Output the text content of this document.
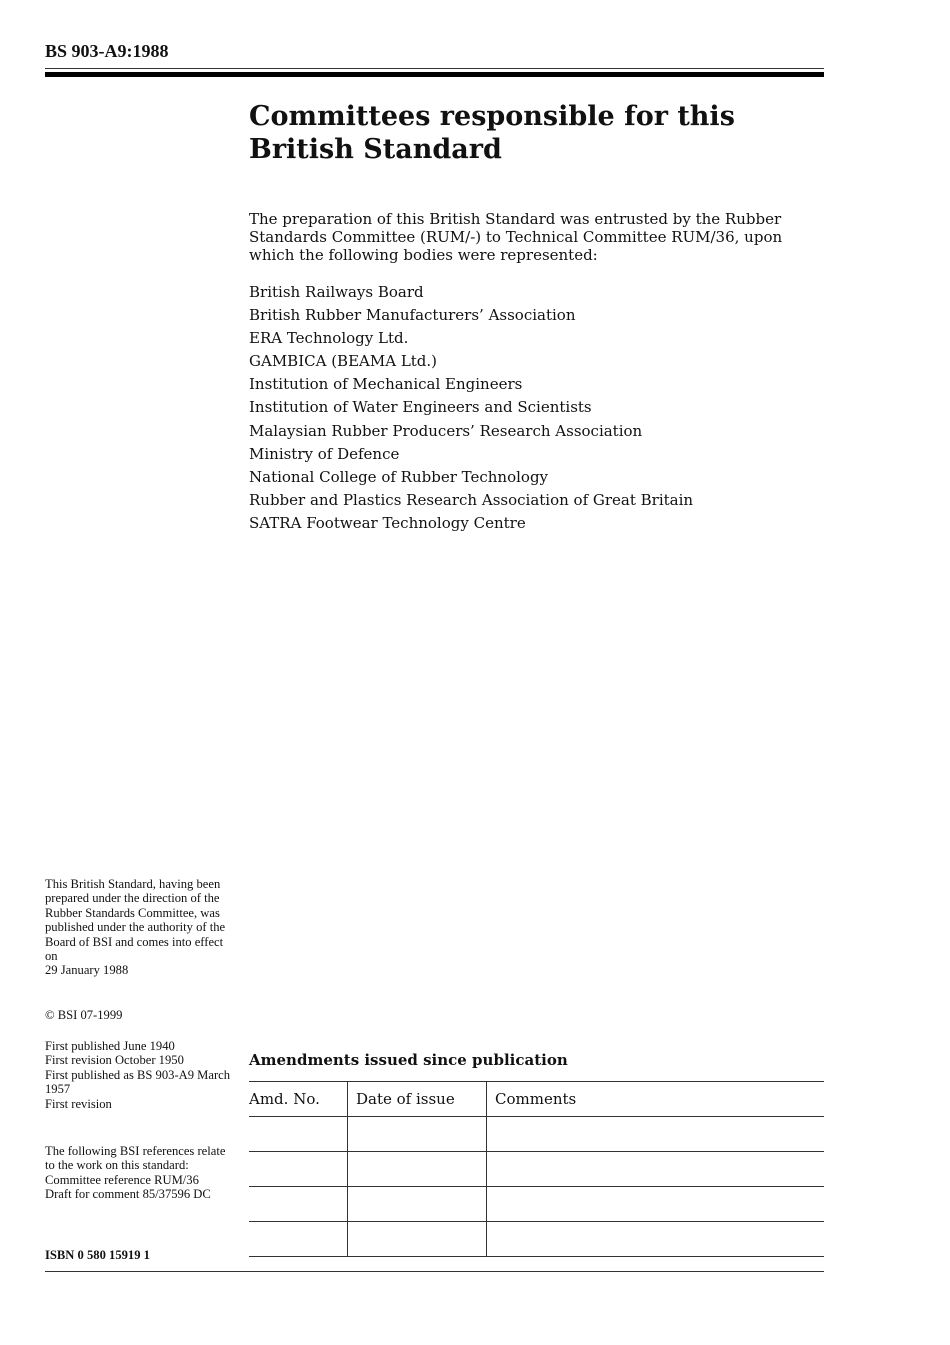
BS 903-A9:1988
Committees responsible for this British Standard

The preparation of this British Standard was entrusted by the Rubber Standards Committee (RUM/-) to Technical Committee RUM/36, upon which the following bodies were represented:

British Railways Board
British Rubber Manufacturers’ Association
ERA Technology Ltd.
GAMBICA (BEAMA Ltd.)
Institution of Mechanical Engineers
Institution of Water Engineers and Scientists
Malaysian Rubber Producers’ Research Association
Ministry of Defence
National College of Rubber Technology
Rubber and Plastics Research Association of Great Britain
SATRA Footwear Technology Centre

This British Standard, having been prepared under the direction of the Rubber Standards Committee, was published under the authority of the Board of BSI and comes into effect on

29 January 1988

© BSI 07-1999

First published June 1940

First revision October 1950

First published as BS 903-A9 March 1957

First revision

The following BSI references relate to the work on this standard:

Committee reference RUM/36

Draft for comment 85/37596 DC

ISBN 0 580 15919 1
Amendments issued since publication
Amd. No.	Date of issue	Comments
